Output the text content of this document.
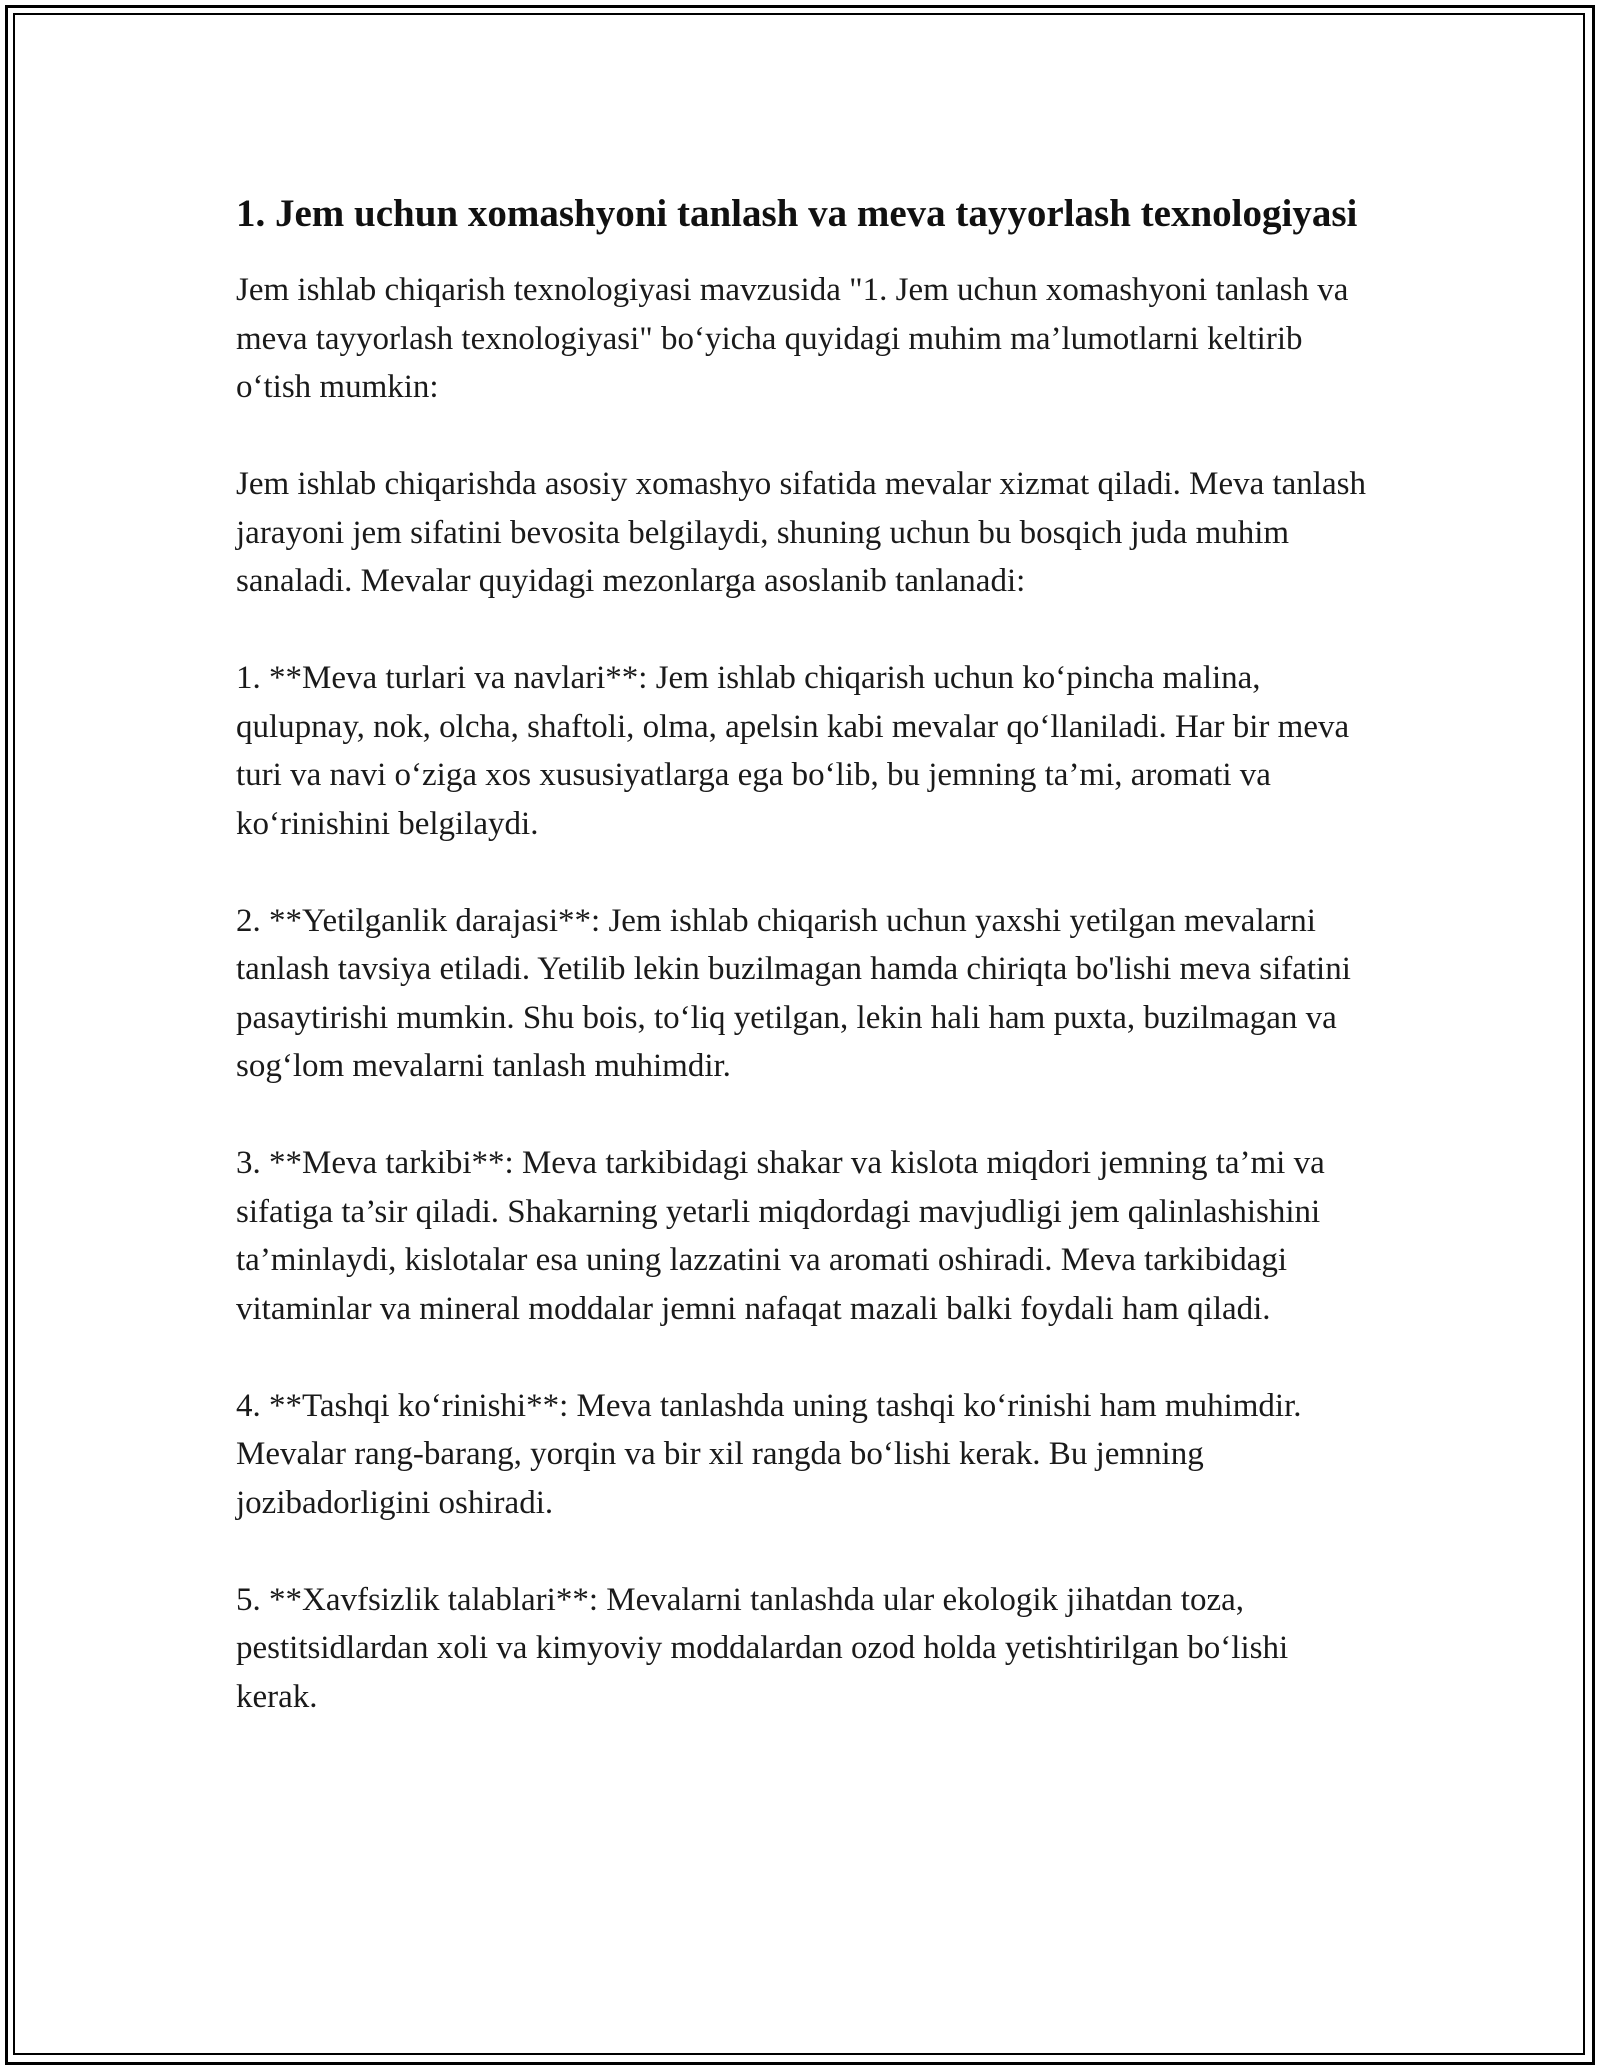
1. Jem uchun xomashyoni tanlash va meva tayyorlash texnologiyasi

Jem ishlab chiqarish texnologiyasi mavzusida "1. Jem uchun xomashyoni tanlash va meva tayyorlash texnologiyasi" bo‘yicha quyidagi muhim ma’lumotlarni keltirib o‘tish mumkin:

Jem ishlab chiqarishda asosiy xomashyo sifatida mevalar xizmat qiladi. Meva tanlash jarayoni jem sifatini bevosita belgilaydi, shuning uchun bu bosqich juda muhim sanaladi. Mevalar quyidagi mezonlarga asoslanib tanlanadi:

1. **Meva turlari va navlari**: Jem ishlab chiqarish uchun ko‘pincha malina, qulupnay, nok, olcha, shaftoli, olma, apelsin kabi mevalar qo‘llaniladi. Har bir meva turi va navi o‘ziga xos xususiyatlarga ega bo‘lib, bu jemning ta’mi, aromati va ko‘rinishini belgilaydi.

2. **Yetilganlik darajasi**: Jem ishlab chiqarish uchun yaxshi yetilgan mevalarni tanlash tavsiya etiladi. Yetilib lekin buzilmagan hamda chiriqta bo'lishi meva sifatini pasaytirishi mumkin. Shu bois, to‘liq yetilgan, lekin hali ham puxta, buzilmagan va sog‘lom mevalarni tanlash muhimdir.

3. **Meva tarkibi**: Meva tarkibidagi shakar va kislota miqdori jemning ta’mi va sifatiga ta’sir qiladi. Shakarning yetarli miqdordagi mavjudligi jem qalinlashishini ta’minlaydi, kislotalar esa uning lazzatini va aromati oshiradi. Meva tarkibidagi vitaminlar va mineral moddalar jemni nafaqat mazali balki foydali ham qiladi.

4. **Tashqi ko‘rinishi**: Meva tanlashda uning tashqi ko‘rinishi ham muhimdir. Mevalar rang-barang, yorqin va bir xil rangda bo‘lishi kerak. Bu jemning jozibadorligini oshiradi.

5. **Xavfsizlik talablari**: Mevalarni tanlashda ular ekologik jihatdan toza, pestitsidlardan xoli va kimyoviy moddalardan ozod holda yetishtirilgan bo‘lishi kerak.
